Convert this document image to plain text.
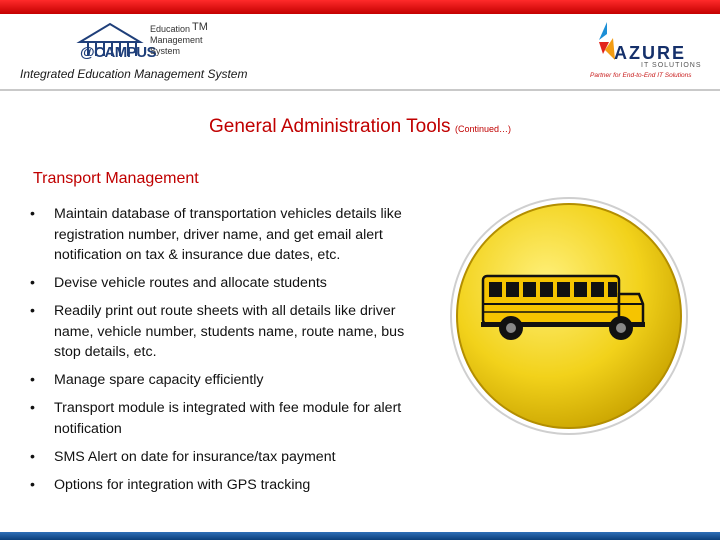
@CAMPUS
Education
Management
System
TM
Integrated Education Management System
AZURE
IT SOLUTIONS
Partner for End-to-End IT Solutions
General Administration Tools (Continued…)
Transport Management
• Maintain database of transportation vehicles details like registration number, driver name, and get email alert notification on tax & insurance due dates, etc.
• Devise vehicle routes and allocate students
• Readily print out route sheets with all details like driver name, vehicle number, students name, route name, bus stop details, etc.
• Manage spare capacity efficiently
• Transport module is integrated with fee module for alert notification
• SMS Alert on date for insurance/tax payment
• Options for integration with GPS tracking
